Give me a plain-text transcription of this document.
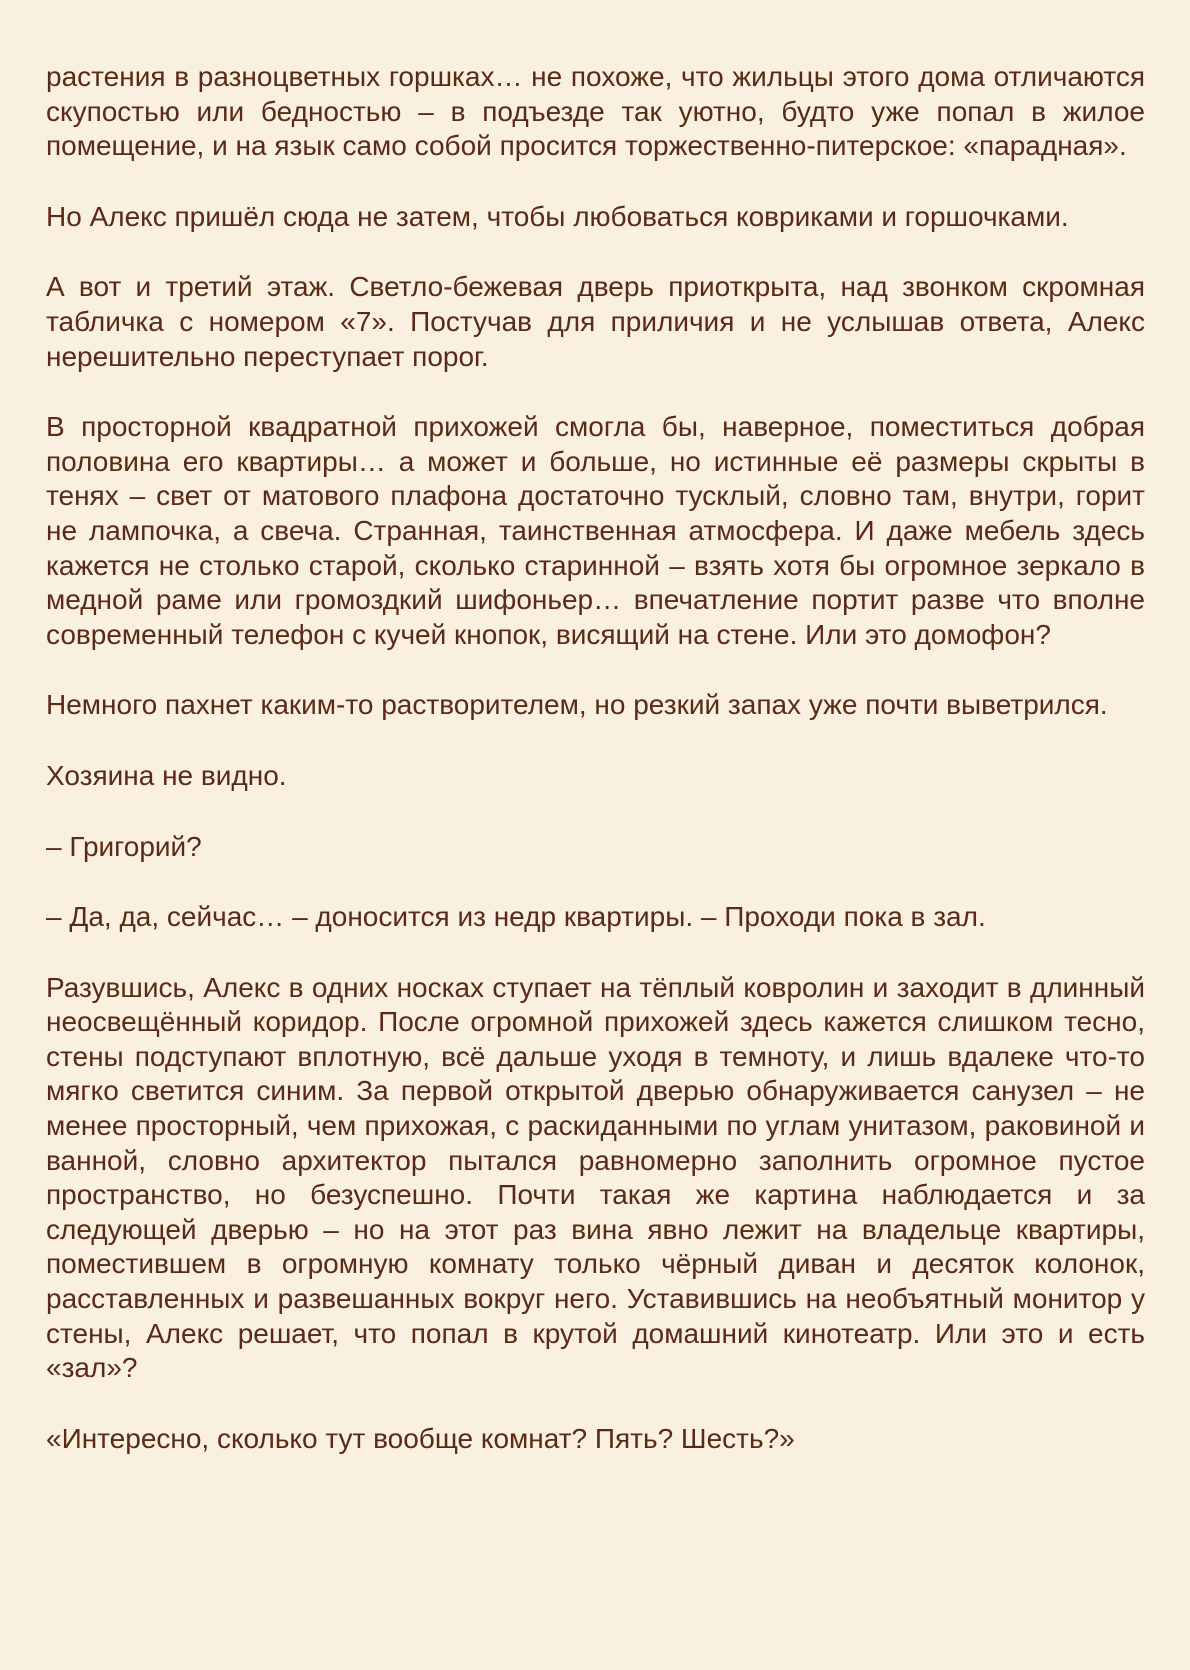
растения в разноцветных горшках… не похоже, что жильцы этого дома отличаются скупостью или бедностью – в подъезде так уютно, будто уже попал в жилое помещение, и на язык само собой просится торжественно-питерское: «парадная».

Но Алекс пришёл сюда не затем, чтобы любоваться ковриками и горшочками.

А вот и третий этаж. Светло-бежевая дверь приоткрыта, над звонком скромная табличка с номером «7». Постучав для приличия и не услышав ответа, Алекс нерешительно переступает порог.

В просторной квадратной прихожей смогла бы, наверное, поместиться добрая половина его квартиры… а может и больше, но истинные её размеры скрыты в тенях – свет от матового плафона достаточно тусклый, словно там, внутри, горит не лампочка, а свеча. Странная, таинственная атмосфера. И даже мебель здесь кажется не столько старой, сколько старинной – взять хотя бы огромное зеркало в медной раме или громоздкий шифоньер… впечатление портит разве что вполне современный телефон с кучей кнопок, висящий на стене. Или это домофон?

Немного пахнет каким-то растворителем, но резкий запах уже почти выветрился.

Хозяина не видно.

– Григорий?

– Да, да, сейчас… – доносится из недр квартиры. – Проходи пока в зал.

Разувшись, Алекс в одних носках ступает на тёплый ковролин и заходит в длинный неосвещённый коридор. После огромной прихожей здесь кажется слишком тесно, стены подступают вплотную, всё дальше уходя в темноту, и лишь вдалеке что-то мягко светится синим. За первой открытой дверью обнаруживается санузел – не менее просторный, чем прихожая, с раскиданными по углам унитазом, раковиной и ванной, словно архитектор пытался равномерно заполнить огромное пустое пространство, но безуспешно. Почти такая же картина наблюдается и за следующей дверью – но на этот раз вина явно лежит на владельце квартиры, поместившем в огромную комнату только чёрный диван и десяток колонок, расставленных и развешанных вокруг него. Уставившись на необъятный монитор у стены, Алекс решает, что попал в крутой домашний кинотеатр. Или это и есть «зал»?

«Интересно, сколько тут вообще комнат? Пять? Шесть?»
